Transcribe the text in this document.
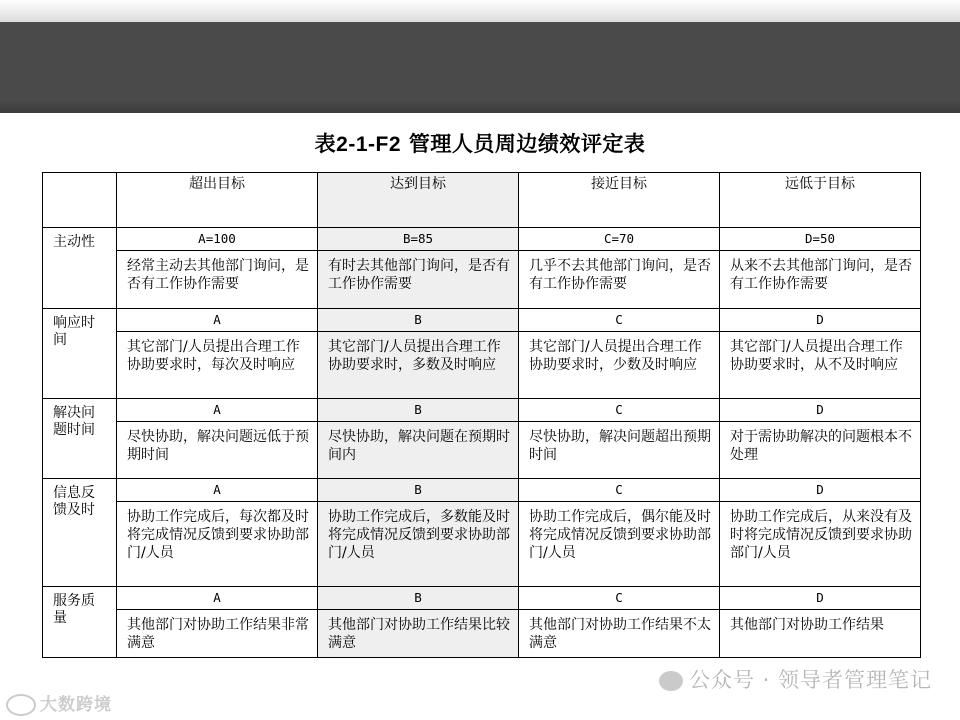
表2-1-F2 管理人员周边绩效评定表
	超出目标	达到目标	接近目标	远低于目标
主动性	A=100	B=85	C=70	D=50
	经常主动去其他部门询问，是否有工作协作需要	有时去其他部门询问，是否有工作协作需要	几乎不去其他部门询问，是否有工作协作需要	从来不去其他部门询问，是否有工作协作需要
响应时间	A	B	C	D
	其它部门/人员提出合理工作协助要求时，每次及时响应	其它部门/人员提出合理工作协助要求时，多数及时响应	其它部门/人员提出合理工作协助要求时，少数及时响应	其它部门/人员提出合理工作协助要求时，从不及时响应
解决问题时间	A	B	C	D
	尽快协助，解决问题远低于预期时间	尽快协助，解决问题在预期时间内	尽快协助，解决问题超出预期时间	对于需协助解决的问题根本不处理
信息反馈及时	A	B	C	D
	协助工作完成后，每次都及时将完成情况反馈到要求协助部门/人员	协助工作完成后，多数能及时将完成情况反馈到要求协助部门/人员	协助工作完成后，偶尔能及时将完成情况反馈到要求协助部门/人员	协助工作完成后，从来没有及时将完成情况反馈到要求协助部门/人员
服务质量	A	B	C	D
	其他部门对协助工作结果非常满意	其他部门对协助工作结果比较满意	其他部门对协助工作结果不太满意	其他部门对协助工作结果
大数跨境
公众号 · 领导者管理笔记
